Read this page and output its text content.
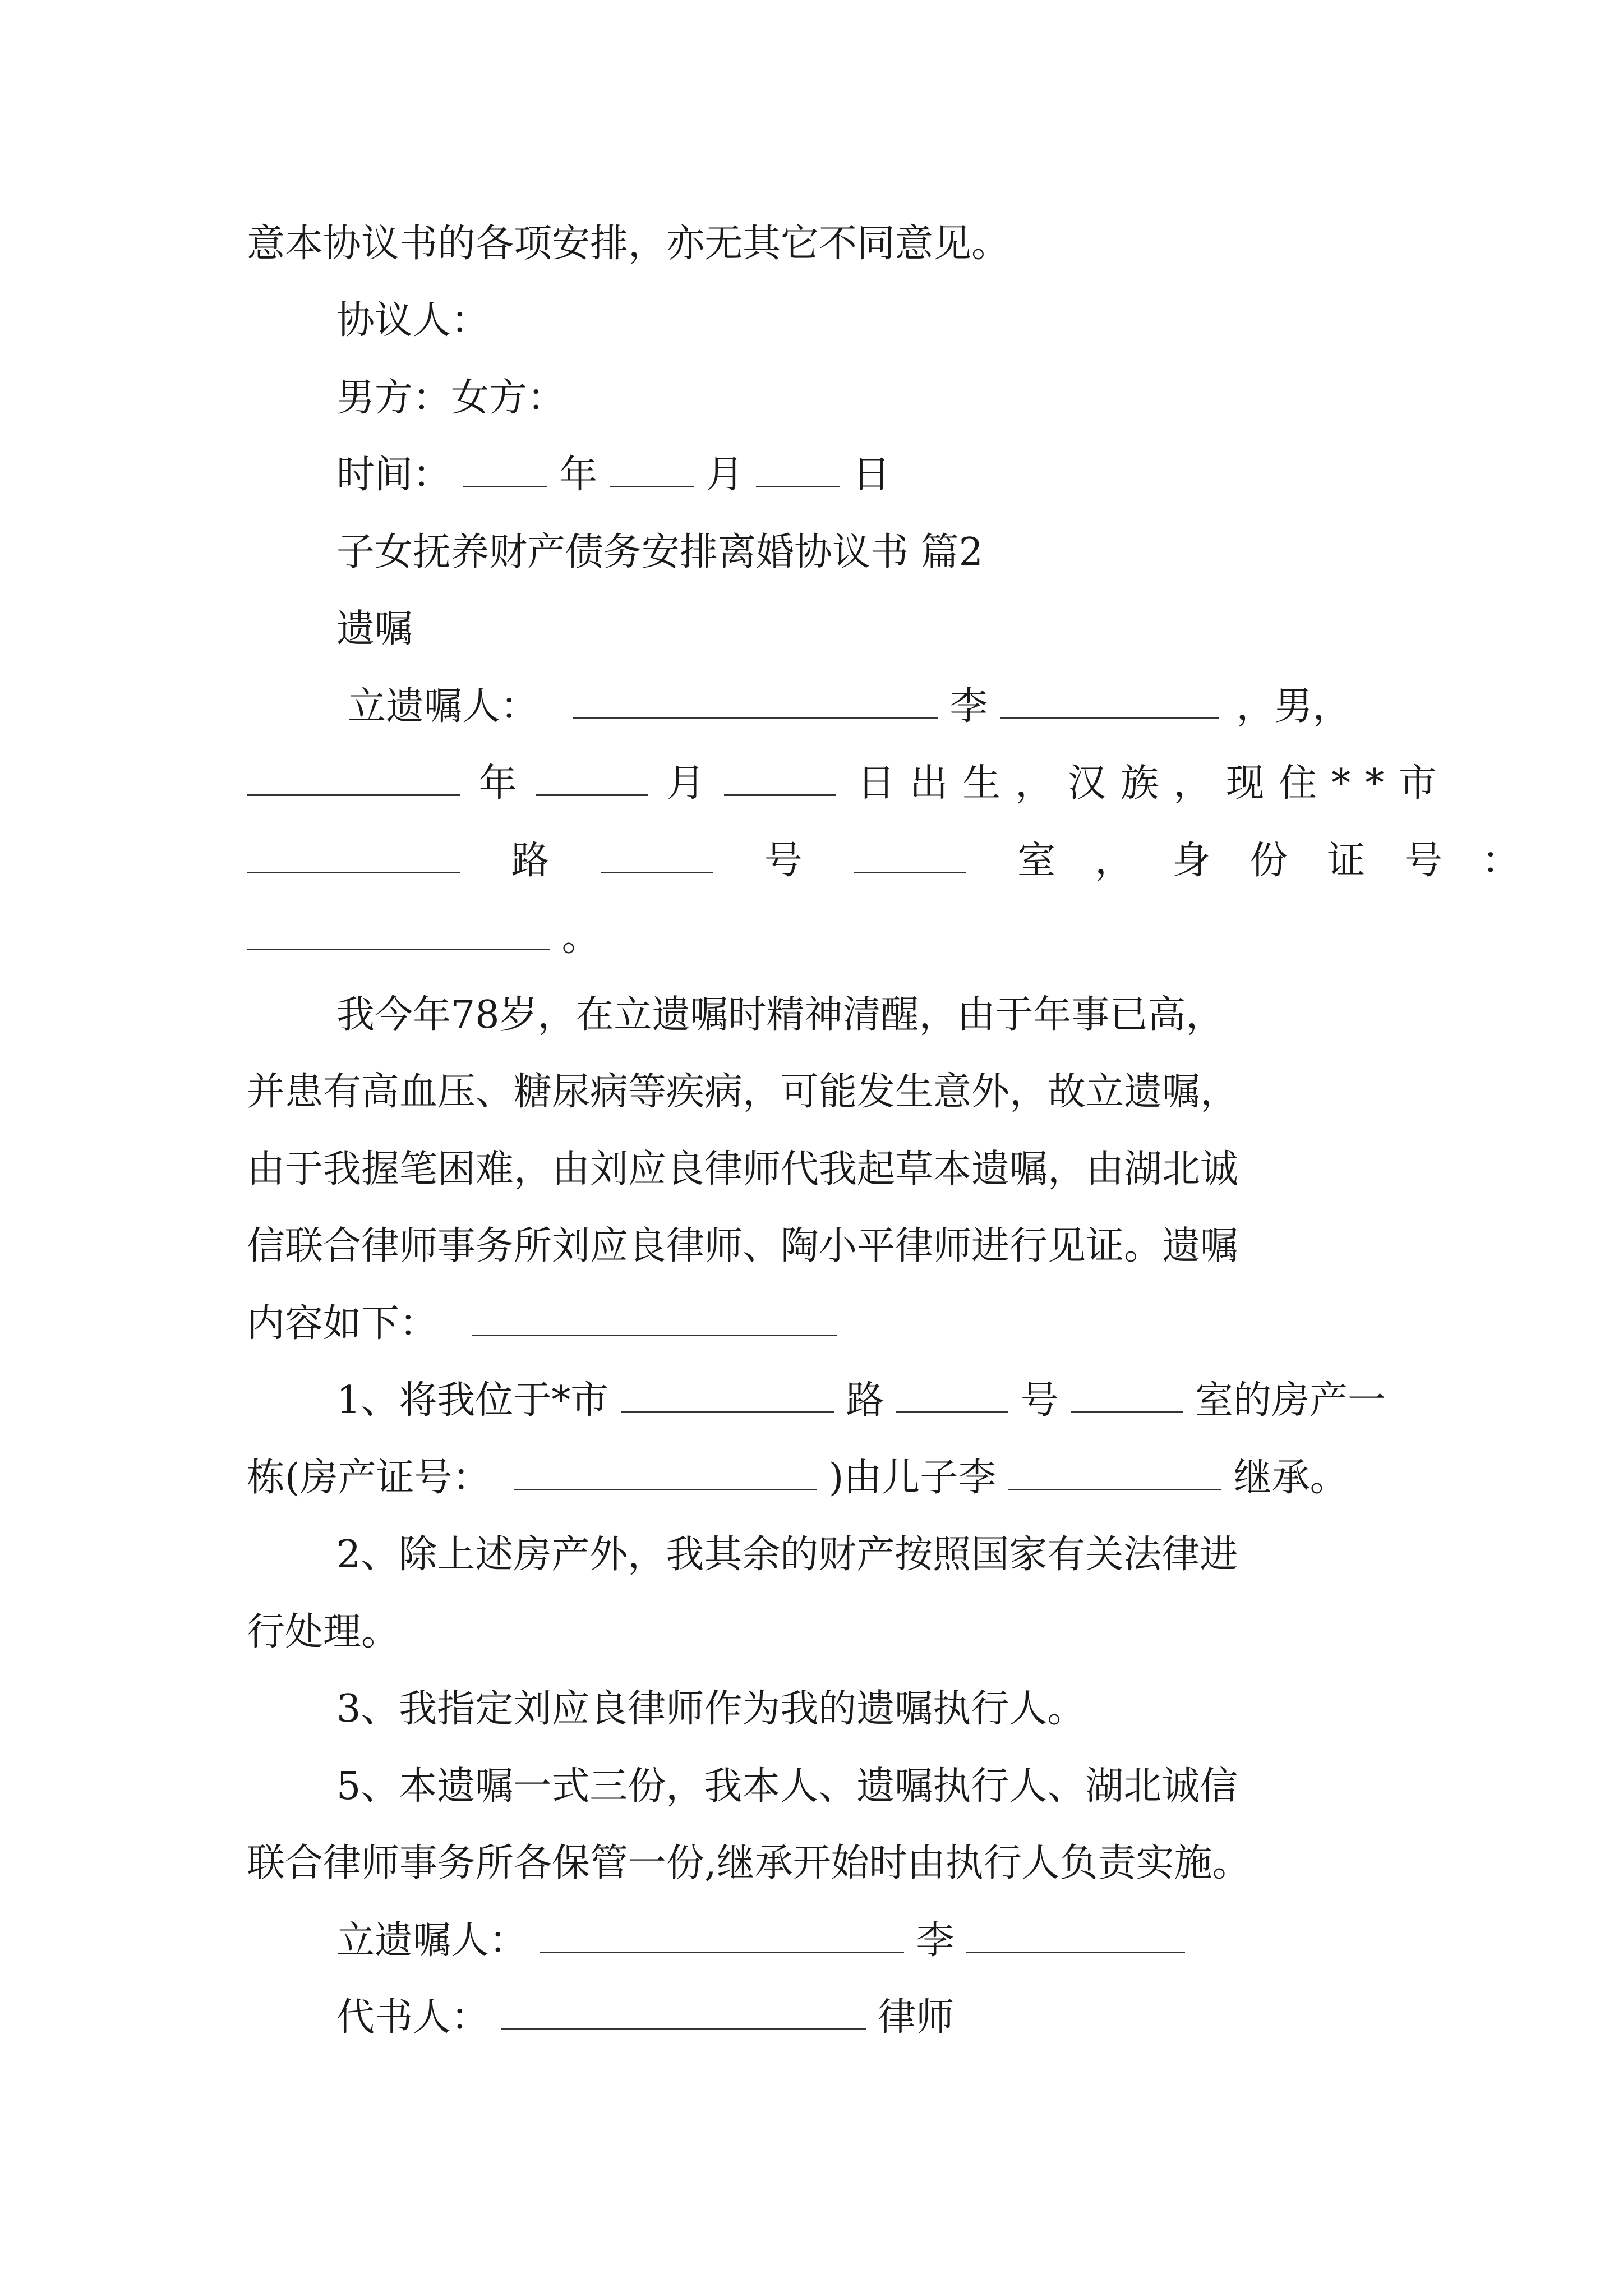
意本协议书的各项安排，亦无其它不同意见。
协议人：
男方：女方：
时间：	年	月	日
子女抚养财产债务安排离婚协议书 篇2
遗嘱
立遗嘱人：	李	，男，
年	月	日出生，汉族，现住**市
路	号	室，身份证号：
。
我今年78岁，在立遗嘱时精神清醒，由于年事已高，
并患有高血压、糖尿病等疾病，可能发生意外，故立遗嘱，
由于我握笔困难，由刘应良律师代我起草本遗嘱，由湖北诚
信联合律师事务所刘应良律师、陶小平律师进行见证。遗嘱
内容如下：
1、将我位于*市	路	号	室的房产一
栋(房产证号：	)由儿子李	继承。
2、除上述房产外，我其余的财产按照国家有关法律进
行处理。
3、我指定刘应良律师作为我的遗嘱执行人。
5、本遗嘱一式三份，我本人、遗嘱执行人、湖北诚信
联合律师事务所各保管一份,继承开始时由执行人负责实施。
立遗嘱人：	李
代书人：	律师
